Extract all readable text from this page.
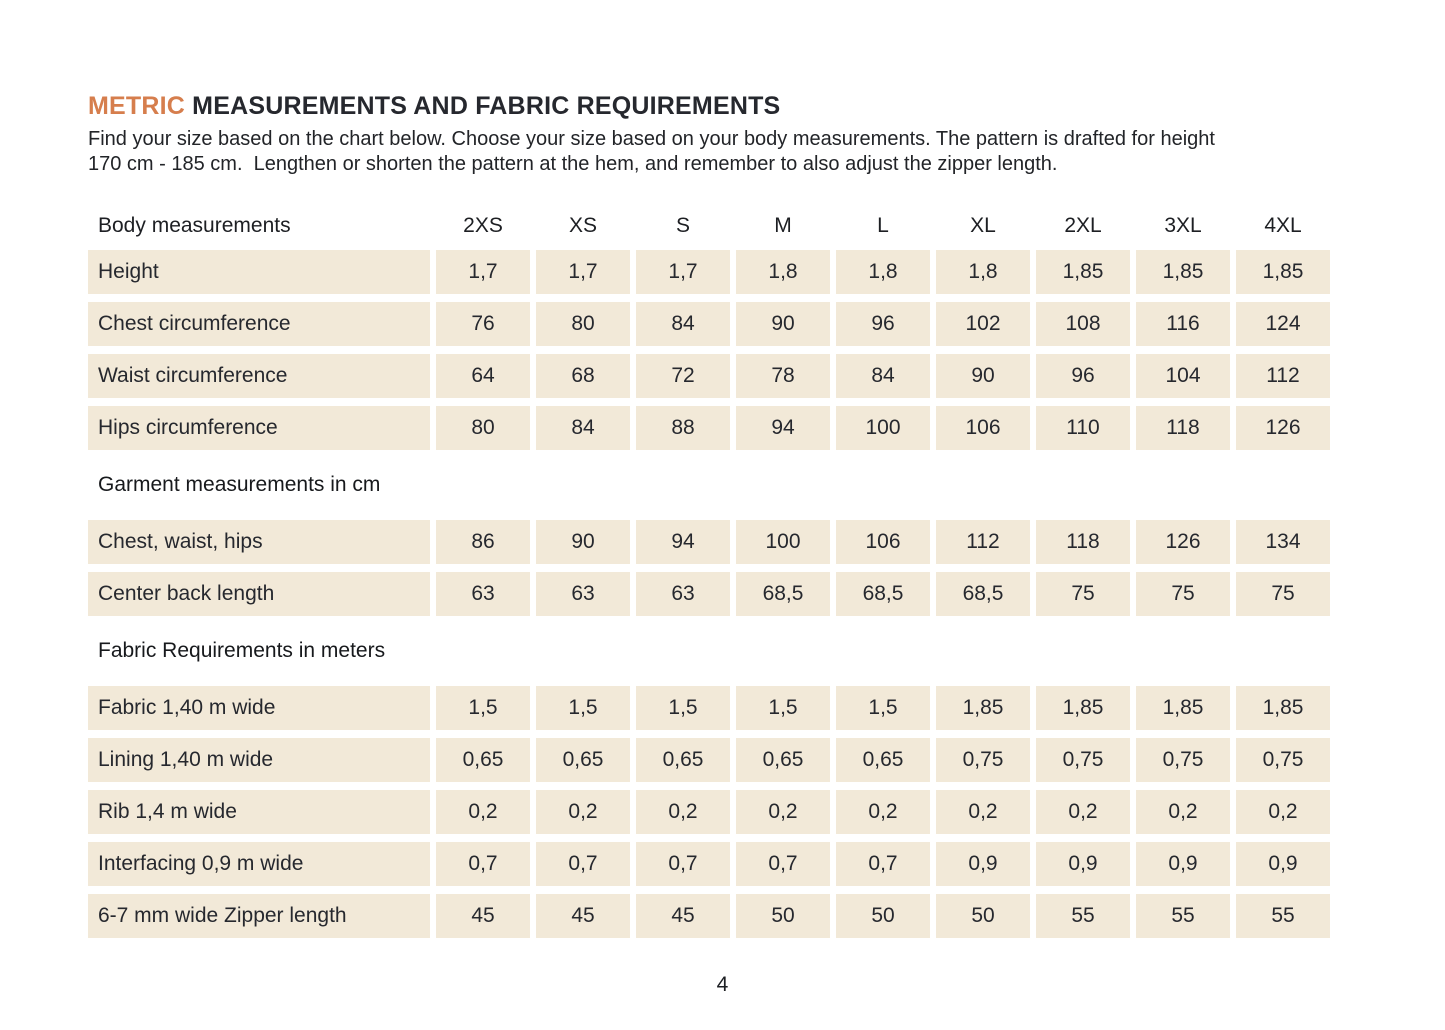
METRIC MEASUREMENTS AND FABRIC REQUIREMENTS

Find your size based on the chart below. Choose your size based on your body measurements. The pattern is drafted for height
170 cm - 185 cm.  Lengthen or shorten the pattern at the hem, and remember to also adjust the zipper length.

Body measurements	2XS	XS	S	M	L	XL	2XL	3XL	4XL
Height	1,7	1,7	1,7	1,8	1,8	1,8	1,85	1,85	1,85
Chest circumference	76	80	84	90	96	102	108	116	124
Waist circumference	64	68	72	78	84	90	96	104	112
Hips circumference	80	84	88	94	100	106	110	118	126
Garment measurements in cm
Chest, waist, hips	86	90	94	100	106	112	118	126	134
Center back length	63	63	63	68,5	68,5	68,5	75	75	75
Fabric Requirements in meters
Fabric 1,40 m wide	1,5	1,5	1,5	1,5	1,5	1,85	1,85	1,85	1,85
Lining 1,40 m wide	0,65	0,65	0,65	0,65	0,65	0,75	0,75	0,75	0,75
Rib 1,4 m wide	0,2	0,2	0,2	0,2	0,2	0,2	0,2	0,2	0,2
Interfacing 0,9 m wide	0,7	0,7	0,7	0,7	0,7	0,9	0,9	0,9	0,9
6-7 mm wide Zipper length	45	45	45	50	50	50	55	55	55
4
